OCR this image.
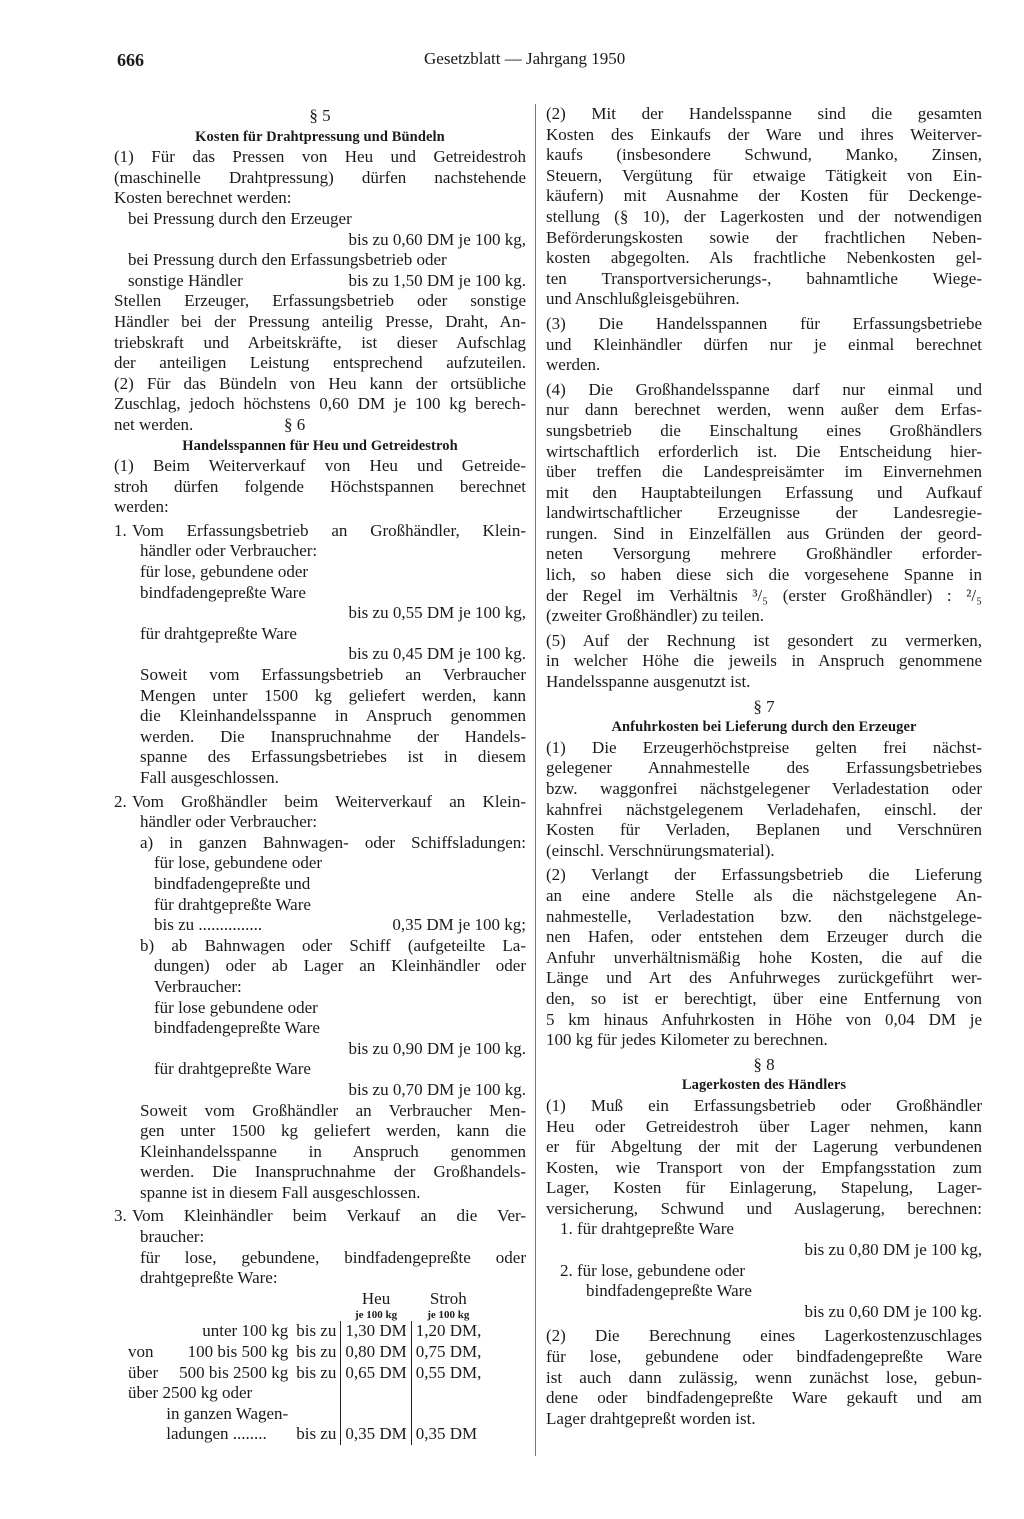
666	Gesetzblatt — Jahrgang 1950
§ 5
Kosten für Drahtpressung und Bündeln
(1) Für das Pressen von Heu und Getreidestroh
(maschinelle Drahtpressung) dürfen nachstehende
Kosten berechnet werden:
bei Pressung durch den Erzeuger
bis zu 0,60 DM je 100 kg,
bei Pressung durch den Erfassungsbetrieb oder
sonstige Händler	bis zu 1,50 DM je 100 kg.
Stellen Erzeuger, Erfassungsbetrieb oder sonstige
Händler bei der Pressung anteilig Presse, Draht, An-
triebskraft und Arbeitskräfte, ist dieser Aufschlag
der anteiligen Leistung entsprechend aufzuteilen.
(2) Für das Bündeln von Heu kann der ortsübliche
Zuschlag, jedoch höchstens 0,60 DM je 100 kg berech-
net werden.	§ 6
Handelsspannen für Heu und Getreidestroh
(1) Beim Weiterverkauf von Heu und Getreide-
stroh dürfen folgende Höchstspannen berechnet
werden:
1. Vom Erfassungsbetrieb an Großhändler, Klein-
händler oder Verbraucher:
für lose, gebundene oder
bindfadengepreßte Ware
bis zu 0,55 DM je 100 kg,
für drahtgepreßte Ware
bis zu 0,45 DM je 100 kg.
Soweit vom Erfassungsbetrieb an Verbraucher
Mengen unter 1500 kg geliefert werden, kann
die Kleinhandelsspanne in Anspruch genommen
werden. Die Inanspruchnahme der Handels-
spanne des Erfassungsbetriebes ist in diesem
Fall ausgeschlossen.
2. Vom Großhändler beim Weiterverkauf an Klein-
händler oder Verbraucher:
a) in ganzen Bahnwagen- oder Schiffsladungen:
für lose, gebundene oder
bindfadengepreßte und
für drahtgepreßte Ware
bis zu ...............	0,35 DM je 100 kg;
b) ab Bahnwagen oder Schiff (aufgeteilte La-
dungen) oder ab Lager an Kleinhändler oder
Verbraucher:
für lose gebundene oder
bindfadengepreßte Ware
bis zu 0,90 DM je 100 kg.
für drahtgepreßte Ware
bis zu 0,70 DM je 100 kg.
Soweit vom Großhändler an Verbraucher Men-
gen unter 1500 kg geliefert werden, kann die
Kleinhandelsspanne in Anspruch genommen
werden. Die Inanspruchnahme der Großhandels-
spanne ist in diesem Fall ausgeschlossen.
3. Vom Kleinhändler beim Verkauf an die Ver-
braucher:
für lose, gebundene, bindfadengepreßte oder
drahtgepreßte Ware:
			Heu	Stroh
			je 100 kg	je 100 kg
	unter 100 kg	bis zu	1,30 DM	1,20 DM,
von	100 bis 500 kg	bis zu	0,80 DM	0,75 DM,
über	500 bis 2500 kg	bis zu	0,65 DM	0,55 DM,
über 2500 kg oder				
	in ganzen Wagen-			
	ladungen ........	bis zu	0,35 DM	0,35 DM
(2) Mit der Handelsspanne sind die gesamten
Kosten des Einkaufs der Ware und ihres Weiterver-
kaufs (insbesondere Schwund, Manko, Zinsen,
Steuern, Vergütung für etwaige Tätigkeit von Ein-
käufern) mit Ausnahme der Kosten für Deckenge-
stellung (§ 10), der Lagerkosten und der notwendigen
Beförderungskosten sowie der frachtlichen Neben-
kosten abgegolten. Als frachtliche Nebenkosten gel-
ten Transportversicherungs-, bahnamtliche Wiege-
und Anschlußgleisgebühren.
(3) Die Handelsspannen für Erfassungsbetriebe
und Kleinhändler dürfen nur je einmal berechnet
werden.
(4) Die Großhandelsspanne darf nur einmal und
nur dann berechnet werden, wenn außer dem Erfas-
sungsbetrieb die Einschaltung eines Großhändlers
wirtschaftlich erforderlich ist. Die Entscheidung hier-
über treffen die Landespreisämter im Einvernehmen
mit den Hauptabteilungen Erfassung und Aufkauf
landwirtschaftlicher Erzeugnisse der Landesregie-
rungen. Sind in Einzelfällen aus Gründen der geord-
neten Versorgung mehrere Großhändler erforder-
lich, so haben diese sich die vorgesehene Spanne in
der Regel im Verhältnis ³/₅ (erster Großhändler) : ²/₅
(zweiter Großhändler) zu teilen.
(5) Auf der Rechnung ist gesondert zu vermerken,
in welcher Höhe die jeweils in Anspruch genommene
Handelsspanne ausgenutzt ist.
§ 7
Anfuhrkosten bei Lieferung durch den Erzeuger
(1) Die Erzeugerhöchstpreise gelten frei nächst-
gelegener Annahmestelle des Erfassungsbetriebes
bzw. waggonfrei nächstgelegener Verladestation oder
kahnfrei nächstgelegenem Verladehafen, einschl. der
Kosten für Verladen, Beplanen und Verschnüren
(einschl. Verschnürungsmaterial).
(2) Verlangt der Erfassungsbetrieb die Lieferung
an eine andere Stelle als die nächstgelegene An-
nahmestelle, Verladestation bzw. den nächstgelege-
nen Hafen, oder entstehen dem Erzeuger durch die
Anfuhr unverhältnismäßig hohe Kosten, die auf die
Länge und Art des Anfuhrweges zurückgeführt wer-
den, so ist er berechtigt, über eine Entfernung von
5 km hinaus Anfuhrkosten in Höhe von 0,04 DM je
100 kg für jedes Kilometer zu berechnen.
§ 8
Lagerkosten des Händlers
(1) Muß ein Erfassungsbetrieb oder Großhändler
Heu oder Getreidestroh über Lager nehmen, kann
er für Abgeltung der mit der Lagerung verbundenen
Kosten, wie Transport von der Empfangsstation zum
Lager, Kosten für Einlagerung, Stapelung, Lager-
versicherung, Schwund und Auslagerung, berechnen:
1. für drahtgepreßte Ware
bis zu 0,80 DM je 100 kg,
2. für lose, gebundene oder
bindfadengepreßte Ware
bis zu 0,60 DM je 100 kg.
(2) Die Berechnung eines Lagerkostenzuschlages
für lose, gebundene oder bindfadengepreßte Ware
ist auch dann zulässig, wenn zunächst lose, gebun-
dene oder bindfadengepreßte Ware gekauft und am
Lager drahtgepreßt worden ist.
